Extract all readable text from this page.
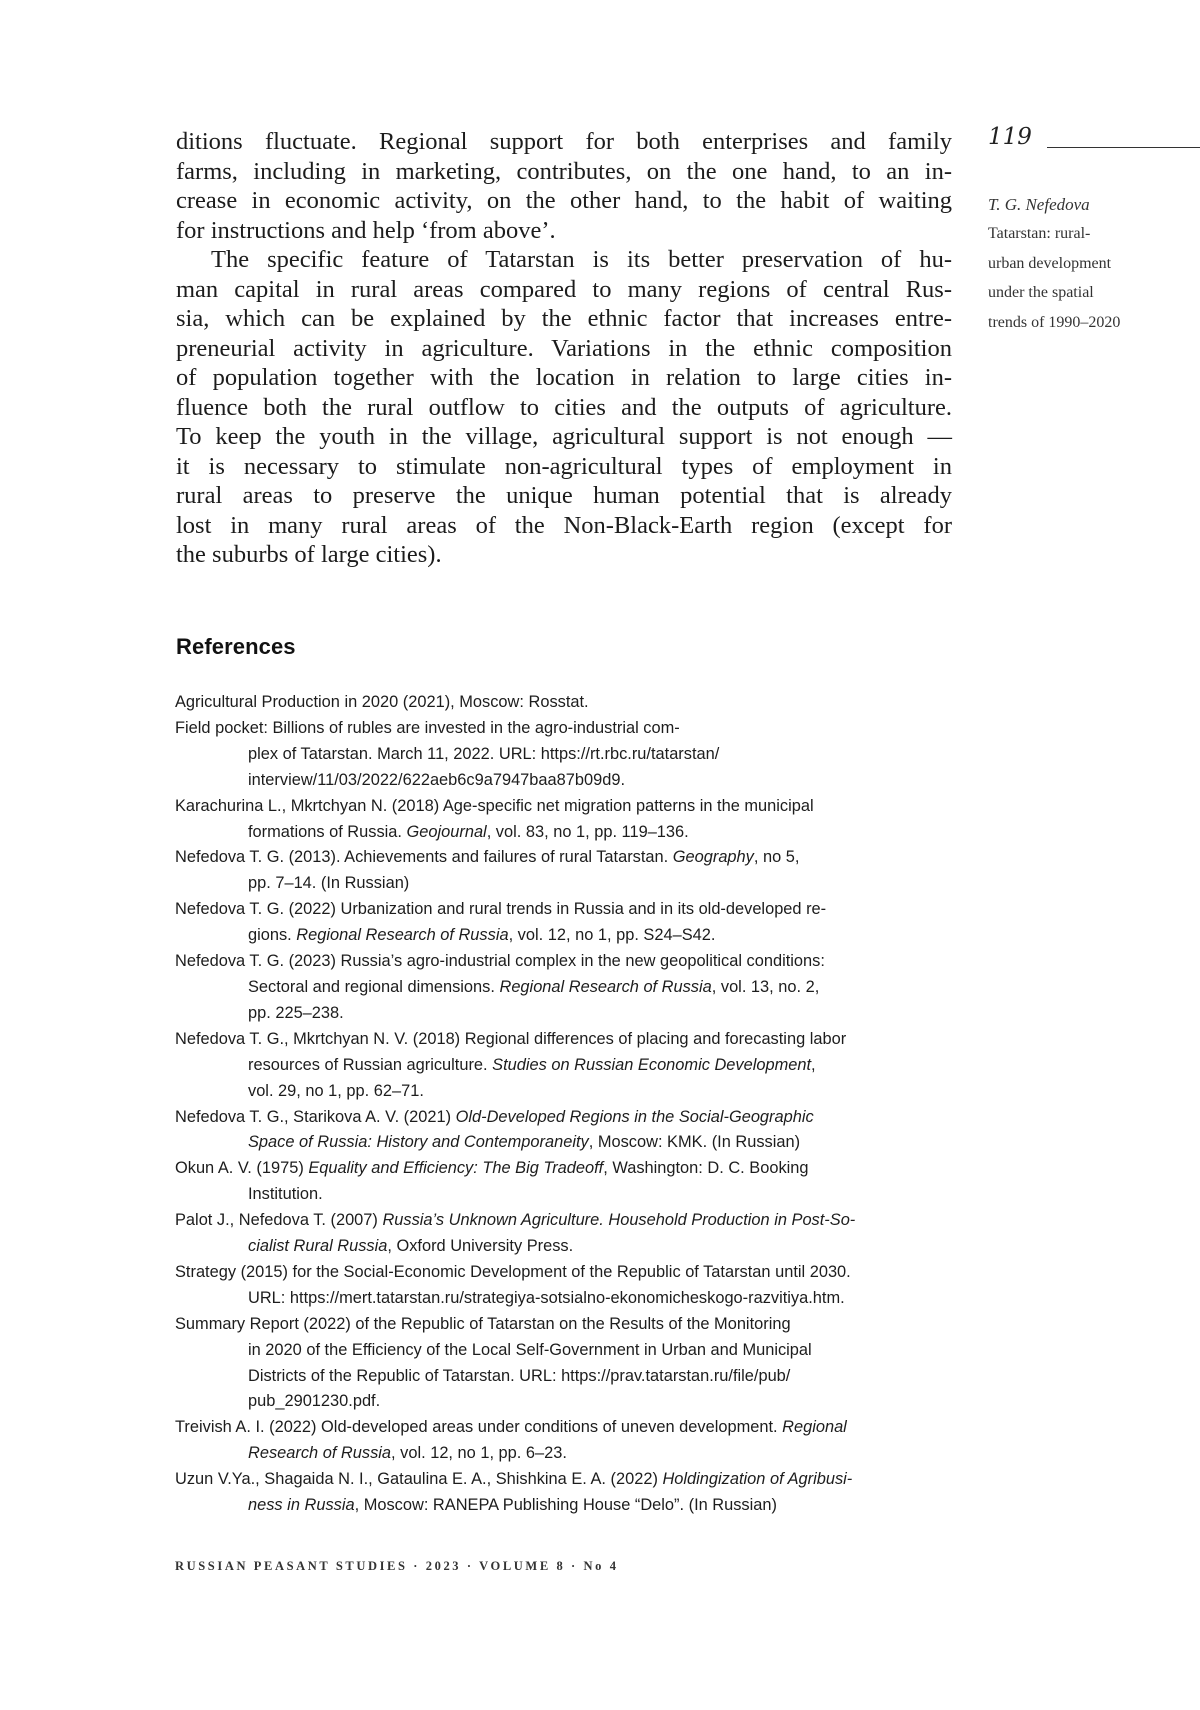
119
T. G. Nefedova
Tatarstan: rural-
urban development
under the spatial
trends of 1990–2020
ditions fluctuate. Regional support for both enterprises and family
farms, including in marketing, contributes, on the one hand, to an in-
crease in economic activity, on the other hand, to the habit of waiting
for instructions and help ‘from above’.
The specific feature of Tatarstan is its better preservation of hu-
man capital in rural areas compared to many regions of central Rus-
sia, which can be explained by the ethnic factor that increases entre-
preneurial activity in agriculture. Variations in the ethnic composition
of population together with the location in relation to large cities in-
fluence both the rural outflow to cities and the outputs of agriculture.
To keep the youth in the village, agricultural support is not enough —
it is necessary to stimulate non-agricultural types of employment in
rural areas to preserve the unique human potential that is already
lost in many rural areas of the Non-Black-Earth region (except for
the suburbs of large cities).
References
Agricultural Production in 2020 (2021), Moscow: Rosstat.
Field pocket: Billions of rubles are invested in the agro-industrial com-
plex of Tatarstan. March 11, 2022. URL: https://rt.rbc.ru/tatarstan/
interview/11/03/2022/622aeb6c9a7947baa87b09d9.
Karachurina L., Mkrtchyan N. (2018) Age-specific net migration patterns in the municipal
formations of Russia. Geojournal, vol. 83, no 1, pp. 119–136.
Nefedova T. G. (2013). Achievements and failures of rural Tatarstan. Geography, no 5,
pp. 7–14. (In Russian)
Nefedova T. G. (2022) Urbanization and rural trends in Russia and in its old-developed re-
gions. Regional Research of Russia, vol. 12, no 1, pp. S24–S42.
Nefedova T. G. (2023) Russia’s agro-industrial complex in the new geopolitical conditions:
Sectoral and regional dimensions. Regional Research of Russia, vol. 13, no. 2,
pp. 225–238.
Nefedova T. G., Mkrtchyan N. V. (2018) Regional differences of placing and forecasting labor
resources of Russian agriculture. Studies on Russian Economic Development,
vol. 29, no 1, pp. 62–71.
Nefedova T. G., Starikova A. V. (2021) Old-Developed Regions in the Social-Geographic
Space of Russia: History and Contemporaneity, Moscow: KMK. (In Russian)
Okun A. V. (1975) Equality and Efficiency: The Big Tradeoff, Washington: D. C. Booking
Institution.
Palot J., Nefedova T. (2007) Russia’s Unknown Agriculture. Household Production in Post-So-
cialist Rural Russia, Oxford University Press.
Strategy (2015) for the Social-Economic Development of the Republic of Tatarstan until 2030.
URL: https://mert.tatarstan.ru/strategiya-sotsialno-ekonomicheskogo-razvitiya.htm.
Summary Report (2022) of the Republic of Tatarstan on the Results of the Monitoring
in 2020 of the Efficiency of the Local Self-Government in Urban and Municipal
Districts of the Republic of Tatarstan. URL: https://prav.tatarstan.ru/file/pub/
pub_2901230.pdf.
Treivish A. I. (2022) Old-developed areas under conditions of uneven development. Regional
Research of Russia, vol. 12, no 1, pp. 6–23.
Uzun V.Ya., Shagaida N. I., Gataulina E. A., Shishkina E. A. (2022) Holdingization of Agribusi-
ness in Russia, Moscow: RANEPA Publishing House “Delo”. (In Russian)
RUSSIAN PEASANT STUDIES · 2023 · VOLUME 8 · No 4
